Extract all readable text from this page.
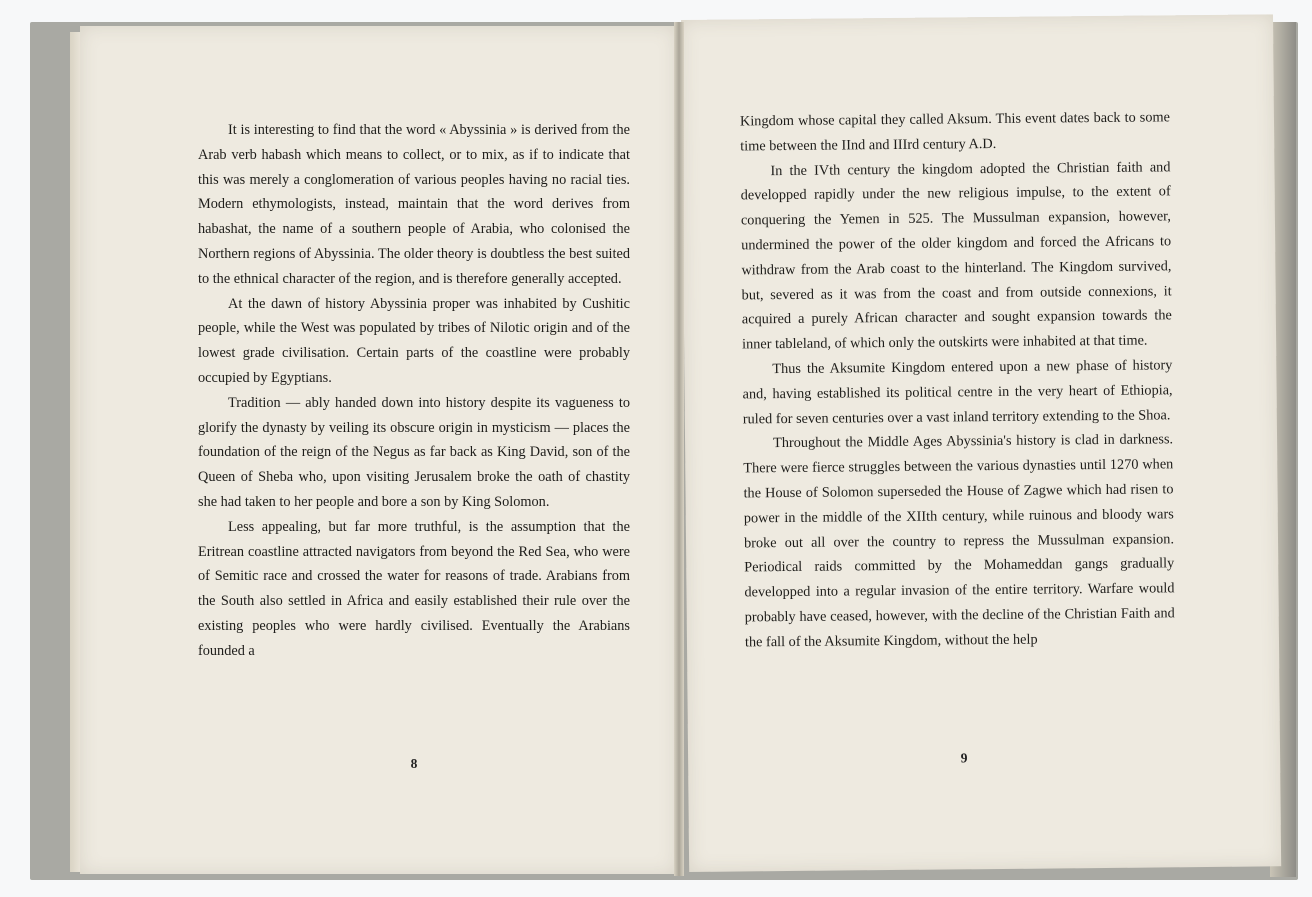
It is interesting to find that the word « Abyssinia » is derived from the Arab verb habash which means to collect, or to mix, as if to indicate that this was merely a conglomeration of various peoples having no racial ties. Modern ethymologists, instead, maintain that the word derives from habashat, the name of a southern people of Arabia, who colonised the Northern regions of Abyssinia. The older theory is doubtless the best suited to the ethnical character of the region, and is therefore generally accepted.

At the dawn of history Abyssinia proper was inhabited by Cushitic people, while the West was populated by tribes of Nilotic origin and of the lowest grade civilisation. Certain parts of the coastline were probably occupied by Egyptians.

Tradition — ably handed down into history despite its vagueness to glorify the dynasty by veiling its obscure origin in mysticism — places the foundation of the reign of the Negus as far back as King David, son of the Queen of Sheba who, upon visiting Jerusalem broke the oath of chastity she had taken to her people and bore a son by King Solomon.

Less appealing, but far more truthful, is the assumption that the Eritrean coastline attracted navigators from beyond the Red Sea, who were of Semitic race and crossed the water for reasons of trade. Arabians from the South also settled in Africa and easily established their rule over the existing peoples who were hardly civilised. Eventually the Arabians founded a

8

Kingdom whose capital they called Aksum. This event dates back to some time between the IInd and IIIrd century A.D.

In the IVth century the kingdom adopted the Christian faith and developped rapidly under the new religious impulse, to the extent of conquering the Yemen in 525. The Mussulman expansion, however, undermined the power of the older kingdom and forced the Africans to withdraw from the Arab coast to the hinterland. The Kingdom survived, but, severed as it was from the coast and from outside connexions, it acquired a purely African character and sought expansion towards the inner tableland, of which only the outskirts were inhabited at that time.

Thus the Aksumite Kingdom entered upon a new phase of history and, having established its political centre in the very heart of Ethiopia, ruled for seven centuries over a vast inland territory extending to the Shoa.

Throughout the Middle Ages Abyssinia's history is clad in darkness. There were fierce struggles between the various dynasties until 1270 when the House of Solomon superseded the House of Zagwe which had risen to power in the middle of the XIIth century, while ruinous and bloody wars broke out all over the country to repress the Mussulman expansion. Periodical raids committed by the Mohameddan gangs gradually developped into a regular invasion of the entire territory. Warfare would probably have ceased, however, with the decline of the Christian Faith and the fall of the Aksumite Kingdom, without the help

9
